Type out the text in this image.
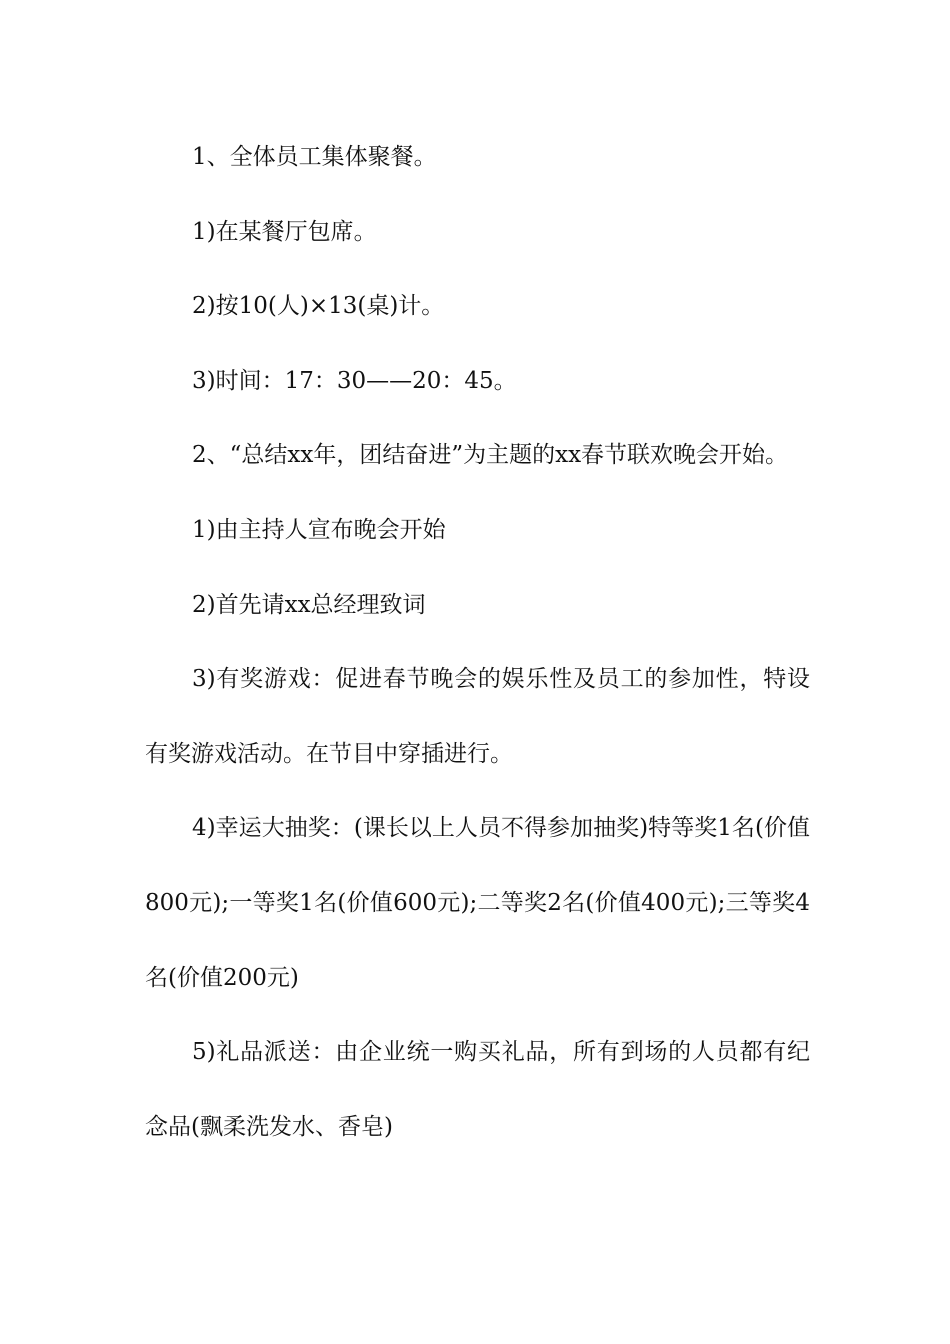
1、全体员工集体聚餐。

1)在某餐厅包席。

2)按10(人)×13(桌)计。

3)时间：17：30——20：45。

2、“总结xx年，团结奋进”为主题的xx春节联欢晚会开始。

1)由主持人宣布晚会开始

2)首先请xx总经理致词

3)有奖游戏：促进春节晚会的娱乐性及员工的参加性，特设有奖游戏活动。在节目中穿插进行。

4)幸运大抽奖：(课长以上人员不得参加抽奖)特等奖1名(价值800元);一等奖1名(价值600元);二等奖2名(价值400元);三等奖4名(价值200元)

5)礼品派送：由企业统一购买礼品，所有到场的人员都有纪念品(飘柔洗发水、香皂)
